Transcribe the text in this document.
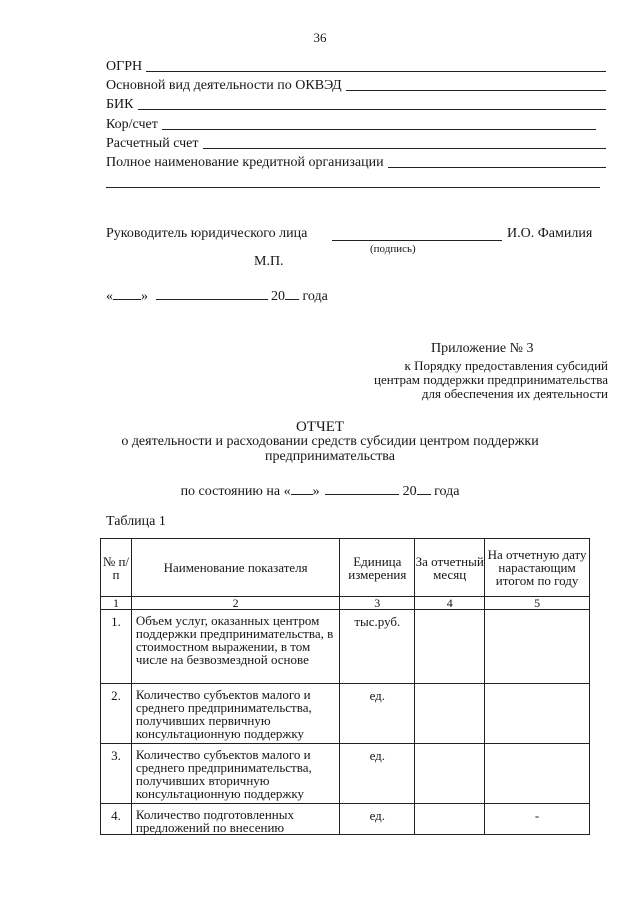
36
ОГРН
Основной вид деятельности по ОКВЭД
БИК
Кор/счет
Расчетный счет
Полное наименование кредитной организации
Руководитель юридического лица	И.О. Фамилия
(подпись)
М.П.
« »	20 года
Приложение № 3
к Порядку предоставления субсидий центрам поддержки предпринимательства для обеспечения их деятельности
ОТЧЕТ
о деятельности и расходовании средств субсидии центром поддержки предпринимательства
по состоянию на « »	20 года
Таблица 1
№ п/п	Наименование показателя	Единица измерения	За отчетный месяц	На отчетную дату нарастающим итогом по году
1	2	3	4	5
1.	Объем услуг, оказанных центром поддержки предпринимательства, в стоимостном выражении, в том числе на безвозмездной основе	тыс.руб.		
2.	Количество субъектов малого и среднего предпринимательства, получивших первичную консультационную поддержку	ед.		
3.	Количество субъектов малого и среднего предпринимательства, получивших вторичную консультационную поддержку	ед.		
4.	Количество подготовленных предложений по внесению	ед.		-
